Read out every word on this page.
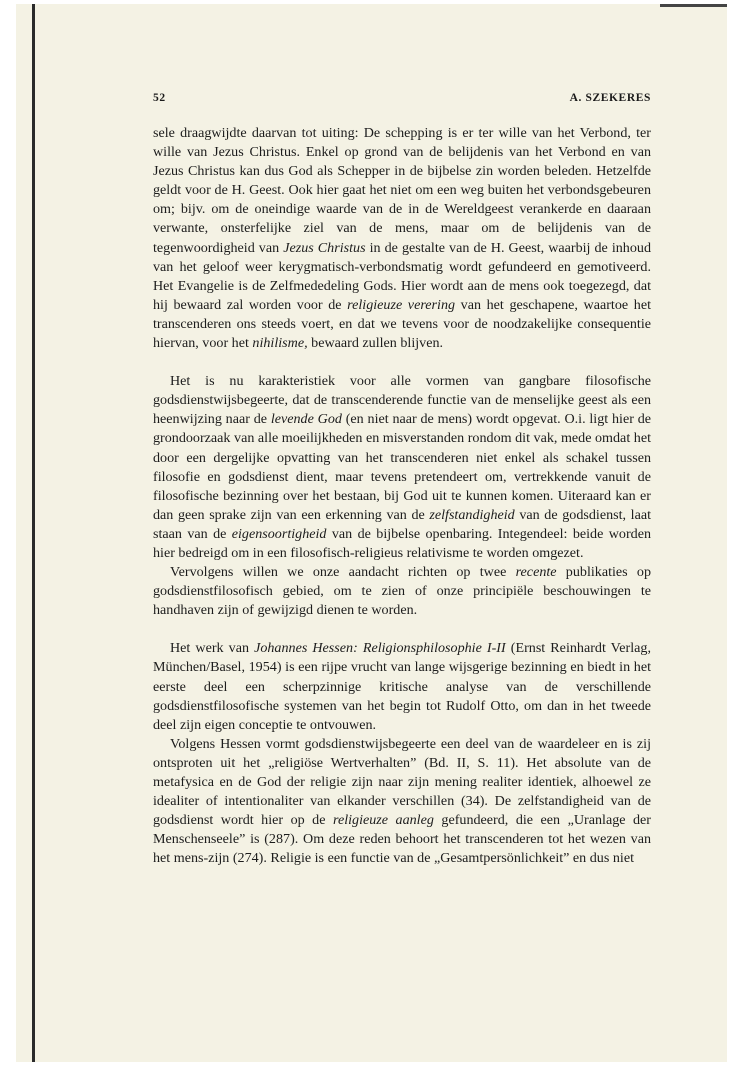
52	A. SZEKERES

sele draagwijdte daarvan tot uiting: De schepping is er ter wille van het Verbond, ter wille van Jezus Christus. Enkel op grond van de belijdenis van het Verbond en van Jezus Christus kan dus God als Schepper in de bijbelse zin worden beleden. Hetzelfde geldt voor de H. Geest. Ook hier gaat het niet om een weg buiten het verbondsgebeuren om; bijv. om de oneindige waarde van de in de Wereldgeest verankerde en daaraan verwante, onsterfelijke ziel van de mens, maar om de belijdenis van de tegenwoordigheid van Jezus Christus in de gestalte van de H. Geest, waarbij de inhoud van het geloof weer kerygmatisch-verbondsmatig wordt gefundeerd en gemotiveerd. Het Evangelie is de Zelfmededeling Gods. Hier wordt aan de mens ook toegezegd, dat hij bewaard zal worden voor de religieuze verering van het geschapene, waartoe het transcenderen ons steeds voert, en dat we tevens voor de noodzakelijke consequentie hiervan, voor het nihilisme, bewaard zullen blijven.

Het is nu karakteristiek voor alle vormen van gangbare filosofische godsdienstwijsbegeerte, dat de transcenderende functie van de menselijke geest als een heenwijzing naar de levende God (en niet naar de mens) wordt opgevat. O.i. ligt hier de grondoorzaak van alle moeilijkheden en misverstanden rondom dit vak, mede omdat het door een dergelijke opvatting van het transcenderen niet enkel als schakel tussen filosofie en godsdienst dient, maar tevens pretendeert om, vertrekkende vanuit de filosofische bezinning over het bestaan, bij God uit te kunnen komen. Uiteraard kan er dan geen sprake zijn van een erkenning van de zelfstandigheid van de godsdienst, laat staan van de eigensoortigheid van de bijbelse openbaring. Integendeel: beide worden hier bedreigd om in een filosofisch-religieus relativisme te worden omgezet.

Vervolgens willen we onze aandacht richten op twee recente publikaties op godsdienstfilosofisch gebied, om te zien of onze principiële beschouwingen te handhaven zijn of gewijzigd dienen te worden.

Het werk van Johannes Hessen: Religionsphilosophie I-II (Ernst Reinhardt Verlag, München/Basel, 1954) is een rijpe vrucht van lange wijsgerige bezinning en biedt in het eerste deel een scherpzinnige kritische analyse van de verschillende godsdienstfilosofische systemen van het begin tot Rudolf Otto, om dan in het tweede deel zijn eigen conceptie te ontvouwen.

Volgens Hessen vormt godsdienstwijsbegeerte een deel van de waardeleer en is zij ontsproten uit het „religiöse Wertverhalten” (Bd. II, S. 11). Het absolute van de metafysica en de God der religie zijn naar zijn mening realiter identiek, alhoewel ze idealiter of intentionaliter van elkander verschillen (34). De zelfstandigheid van de godsdienst wordt hier op de religieuze aanleg gefundeerd, die een „Uranlage der Menschenseele” is (287). Om deze reden behoort het transcenderen tot het wezen van het mens-zijn (274). Religie is een functie van de „Gesamtpersönlichkeit” en dus niet
